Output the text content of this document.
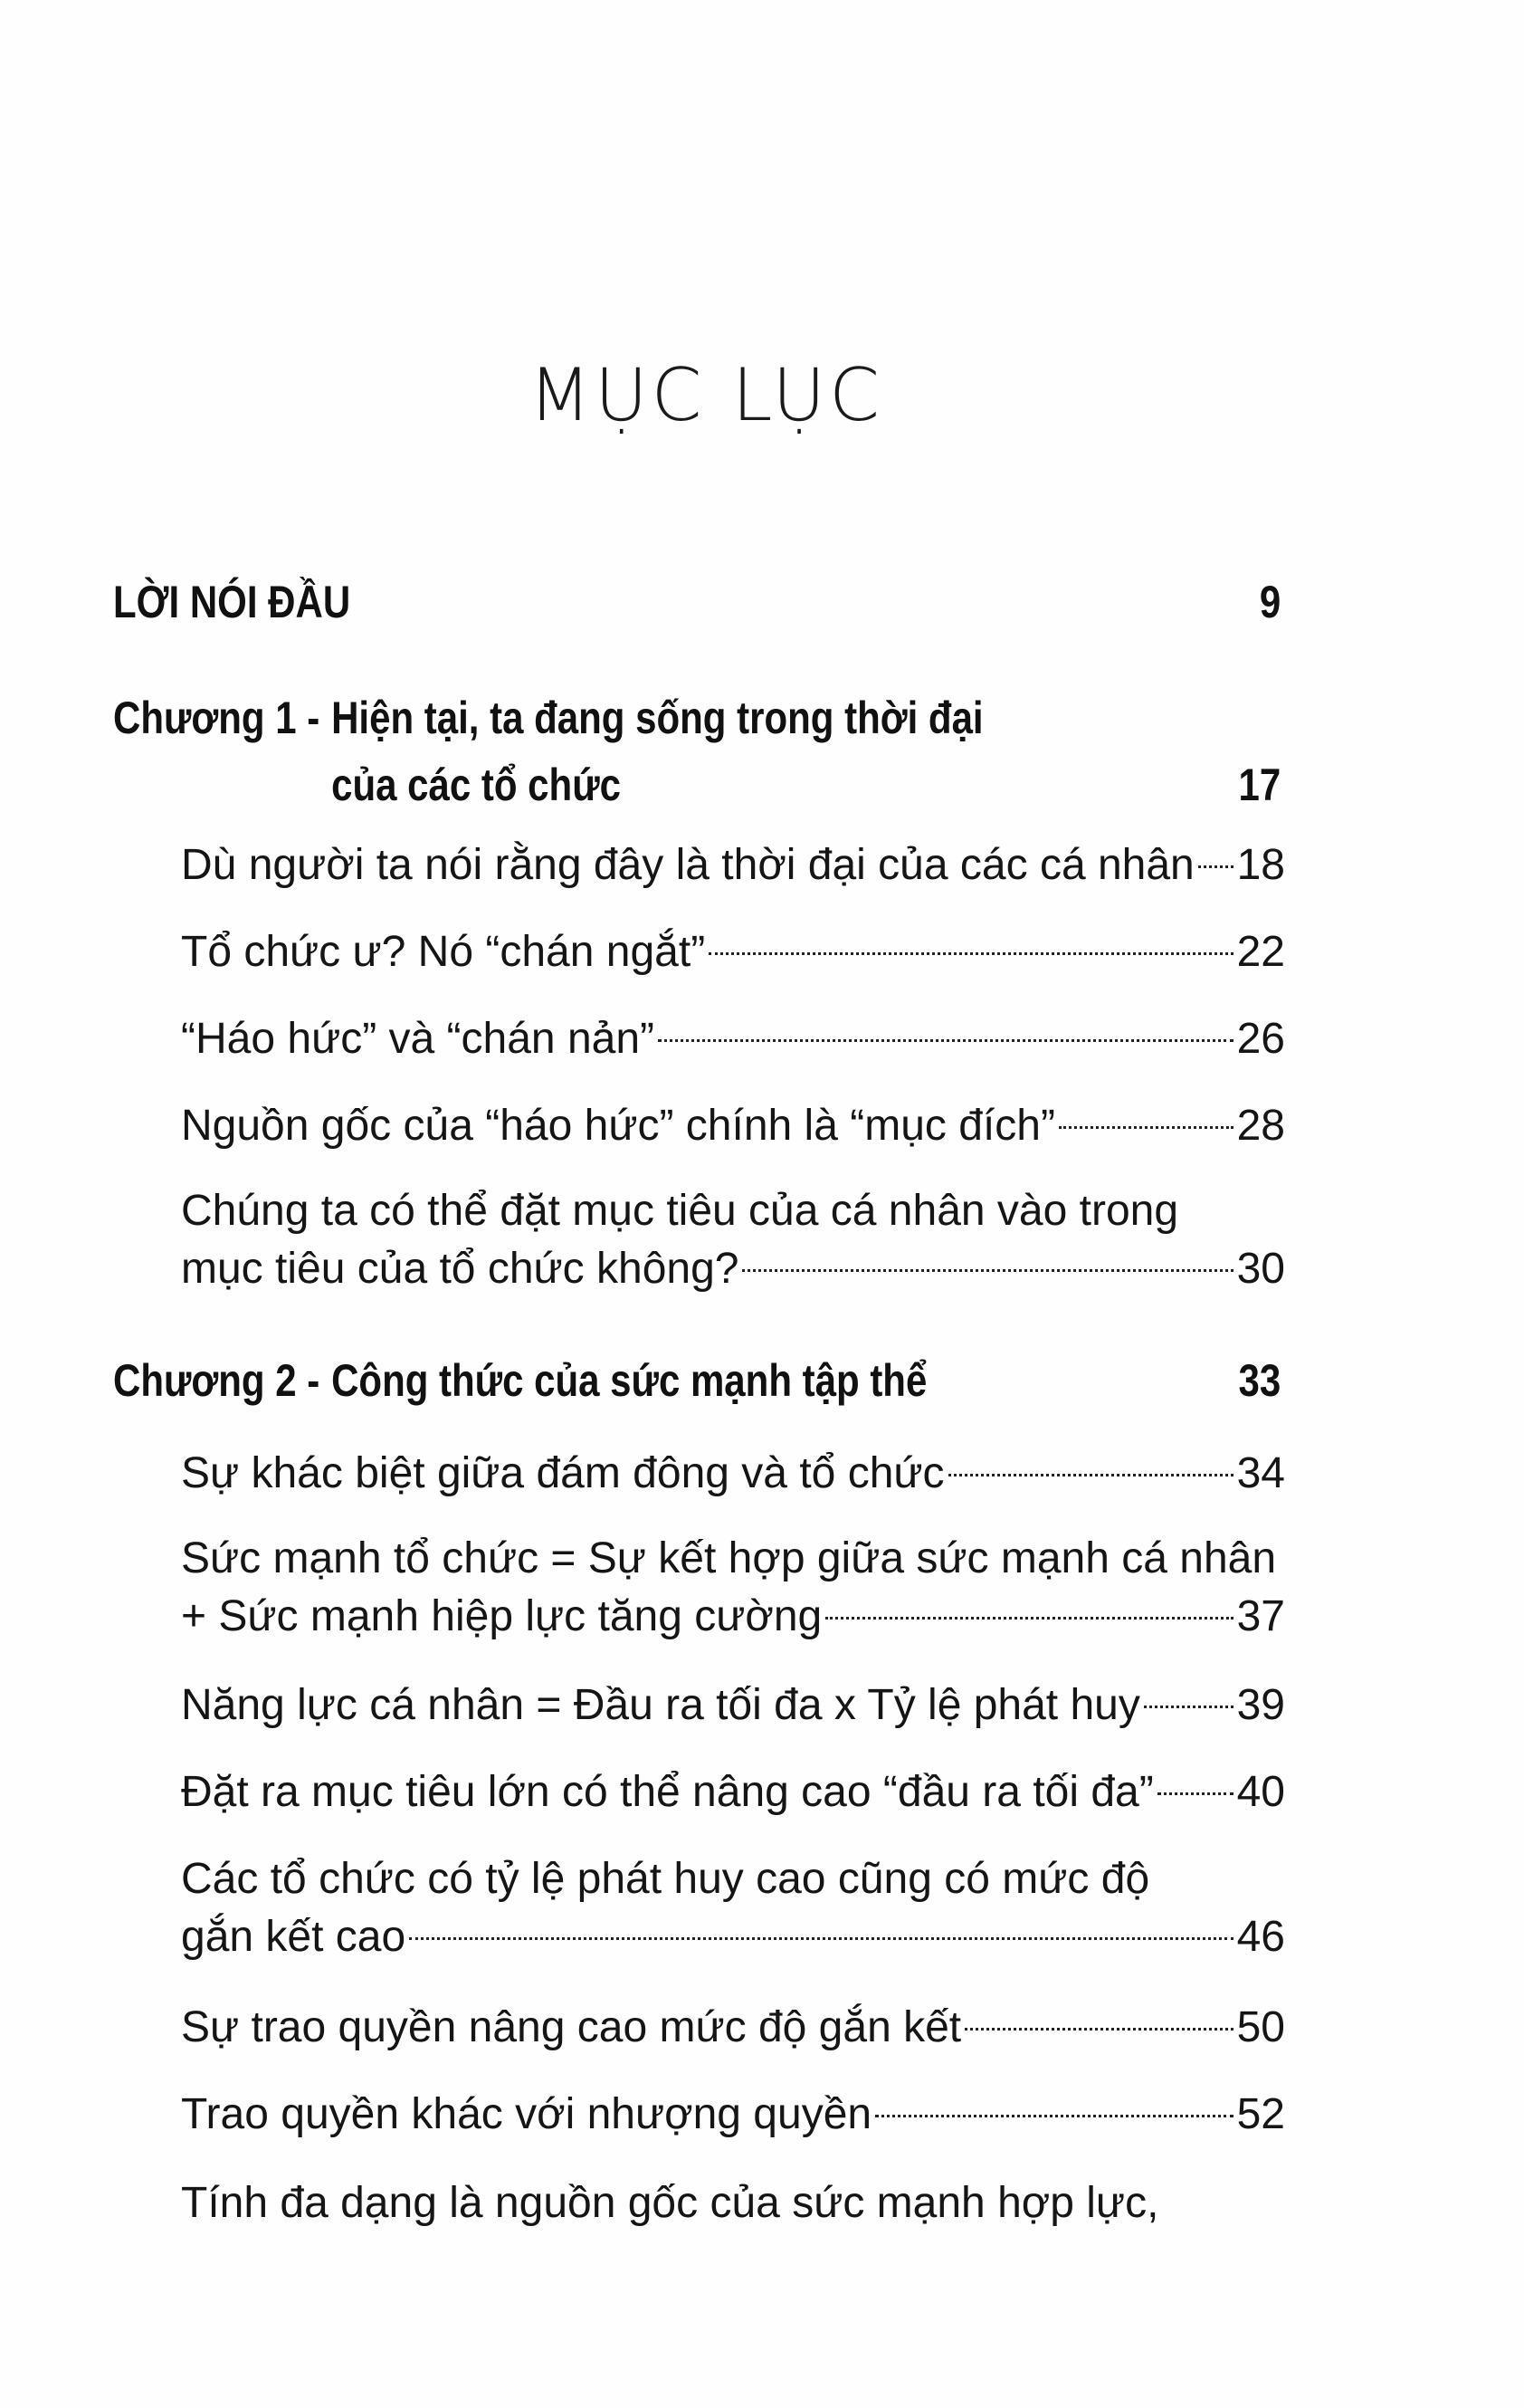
MỤC LỤC
LỜI NÓI ĐẦU	9
Chương 1 - Hiện tại, ta đang sống trong thời đại
của các tổ chức	17
Dù người ta nói rằng đây là thời đại của các cá nhân 18
Tổ chức ư? Nó “chán ngắt”	22
“Háo hức” và “chán nản”	26
Nguồn gốc của “háo hức” chính là “mục đích”	28
Chúng ta có thể đặt mục tiêu của cá nhân vào trong
mục tiêu của tổ chức không?	30
Chương 2 - Công thức của sức mạnh tập thể	33
Sự khác biệt giữa đám đông và tổ chức	34
Sức mạnh tổ chức = Sự kết hợp giữa sức mạnh cá nhân
+ Sức mạnh hiệp lực tăng cường	37
Năng lực cá nhân = Đầu ra tối đa x Tỷ lệ phát huy 39
Đặt ra mục tiêu lớn có thể nâng cao “đầu ra tối đa” 40
Các tổ chức có tỷ lệ phát huy cao cũng có mức độ
gắn kết cao	46
Sự trao quyền nâng cao mức độ gắn kết	50
Trao quyền khác với nhượng quyền	52
Tính đa dạng là nguồn gốc của sức mạnh hợp lực,
